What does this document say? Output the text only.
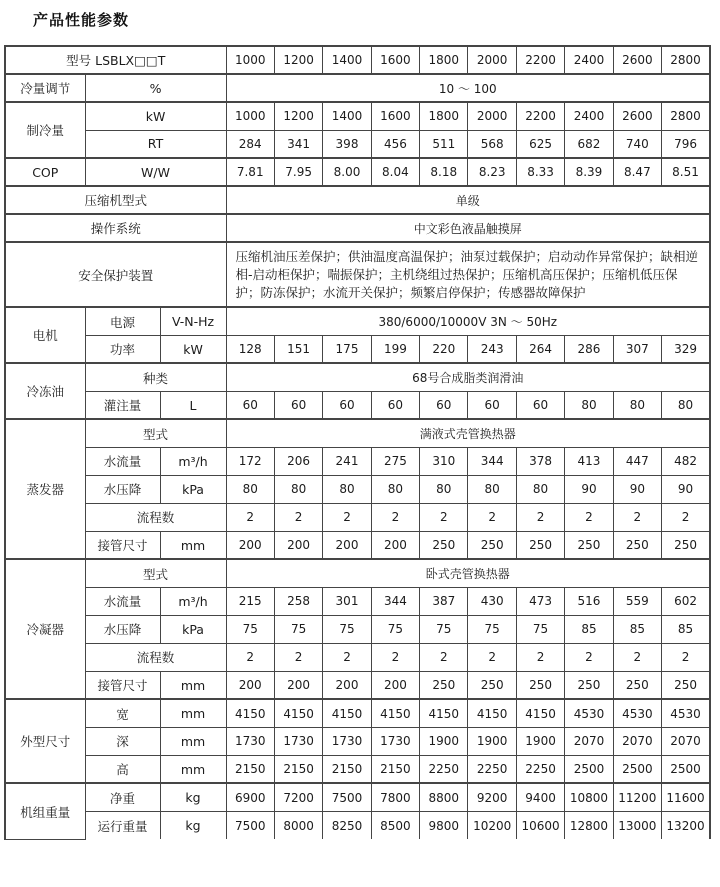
产品性能参数
型号 LSBLX□□T			1000	1200	1400	1600	1800	2000	2200	2400	2600	2800
冷量调节	%		10 ～ 100									
制冷量	kW		1000	1200	1400	1600	1800	2000	2200	2400	2600	2800
	RT		284	341	398	456	511	568	625	682	740	796
COP	W/W		7.81	7.95	8.00	8.04	8.18	8.23	8.33	8.39	8.47	8.51
压缩机型式			单级									
操作系统			中文彩色液晶触摸屏									
安全保护装置			压缩机油压差保护；供油温度高温保护；油泵过载保护；启动动作异常保护；缺相逆相-启动柜保护；喘振保护；主机绕组过热保护；压缩机高压保护；压缩机低压保护；防冻保护；水流开关保护；频繁启停保护；传感器故障保护									
电机	电源	V-N-Hz	380/6000/10000V 3N ～ 50Hz									
	功率	kW	128	151	175	199	220	243	264	286	307	329
冷冻油	种类		68号合成脂类润滑油									
	灌注量	L	60	60	60	60	60	60	60	80	80	80
蒸发器	型式		满液式壳管换热器									
	水流量	m³/h	172	206	241	275	310	344	378	413	447	482
	水压降	kPa	80	80	80	80	80	80	80	90	90	90
	流程数		2	2	2	2	2	2	2	2	2	2
	接管尺寸	mm	200	200	200	200	250	250	250	250	250	250
冷凝器	型式		卧式壳管换热器									
	水流量	m³/h	215	258	301	344	387	430	473	516	559	602
	水压降	kPa	75	75	75	75	75	75	75	85	85	85
	流程数		2	2	2	2	2	2	2	2	2	2
	接管尺寸	mm	200	200	200	200	250	250	250	250	250	250
外型尺寸	宽	mm	4150	4150	4150	4150	4150	4150	4150	4530	4530	4530
	深	mm	1730	1730	1730	1730	1900	1900	1900	2070	2070	2070
	高	mm	2150	2150	2150	2150	2250	2250	2250	2500	2500	2500
机组重量	净重	kg	6900	7200	7500	7800	8800	9200	9400	10800	11200	11600
	运行重量	kg	7500	8000	8250	8500	9800	10200	10600	12800	13000	13200
